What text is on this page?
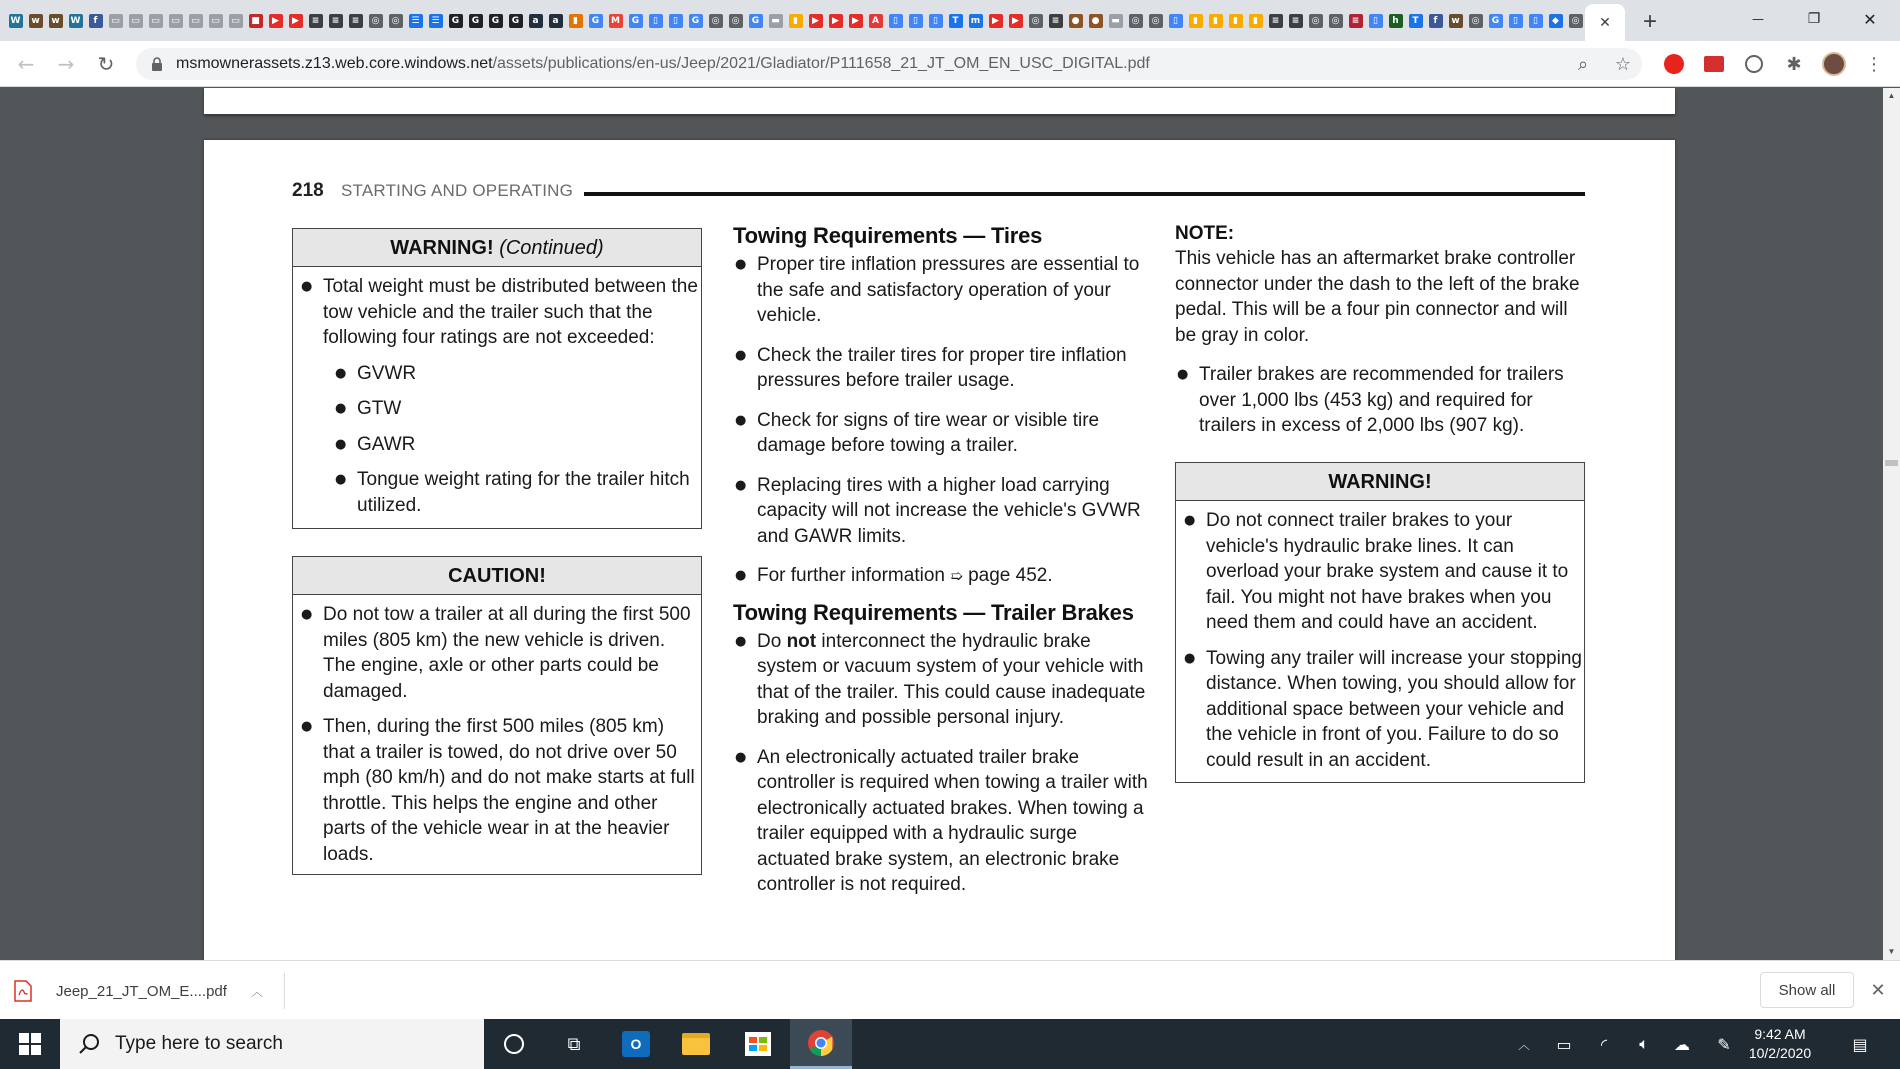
W	w	w	W	f	▭	▭	▭	▭	▭	▭	▭	■	▶	▶	≡	≡	≡	◎	◎	☰	☰	G	G	G	G	a	a	▮	G	M	G	▯	▯	G	◎	◎	G	▬	▮	▶	▶	▶	A	▯	▯	▯	T	m	▶	▶	◎	≡	●	●	▬	◎	◎	▯	▮	▮	▮	▮	≡	≡	◎	◎	≡	▯	h	T	f	w	◎	G	▯	▯	◆	◎ ✕ +	—	❐	✕
← → ↻	msmownerassets.z13.web.core.windows.net/assets/publications/en-us/Jeep/2021/Gladiator/P111658_21_JT_OM_EN_USC_DIGITAL.pdf	⌕	☆	✱	⋮
218 STARTING AND OPERATING
WARNING! (Continued)
● Total weight must be distributed between the tow vehicle and the trailer such that the following four ratings are not exceeded:
● GVWR
● GTW
● GAWR
● Tongue weight rating for the trailer hitch utilized.
CAUTION!
● Do not tow a trailer at all during the first 500 miles (805 km) the new vehicle is driven. The engine, axle or other parts could be damaged.
● Then, during the first 500 miles (805 km) that a trailer is towed, do not drive over 50 mph (80 km/h) and do not make starts at full throttle. This helps the engine and other parts of the vehicle wear in at the heavier loads.
Towing Requirements — Tires
● Proper tire inflation pressures are essential to the safe and satisfactory operation of your vehicle.
● Check the trailer tires for proper tire inflation pressures before trailer usage.
● Check for signs of tire wear or visible tire damage before towing a trailer.
● Replacing tires with a higher load carrying capacity will not increase the vehicle's GVWR and GAWR limits.
● For further information ➯ page 452.
Towing Requirements — Trailer Brakes
● Do not interconnect the hydraulic brake system or vacuum system of your vehicle with that of the trailer. This could cause inadequate braking and possible personal injury.
● An electronically actuated trailer brake controller is required when towing a trailer with electronically actuated brakes. When towing a trailer equipped with a hydraulic surge actuated brake system, an electronic brake controller is not required.
NOTE:
This vehicle has an aftermarket brake controller connector under the dash to the left of the brake pedal. This will be a four pin connector and will be gray in color.
● Trailer brakes are recommended for trailers over 1,000 lbs (453 kg) and required for trailers in excess of 2,000 lbs (907 kg).
WARNING!
● Do not connect trailer brakes to your vehicle's hydraulic brake lines. It can overload your brake system and cause it to fail. You might not have brakes when you need them and could have an accident.
● Towing any trailer will increase your stopping distance. When towing, you should allow for additional space between your vehicle and the vehicle in front of you. Failure to do so could result in an accident.
▲
▼
Jeep_21_JT_OM_E....pdf ︿	Show all	✕
Type here to search	⧉	O	︿	▭	◜	🔈︎	☁	✎
9:42 AM
10/2/2020	▤
